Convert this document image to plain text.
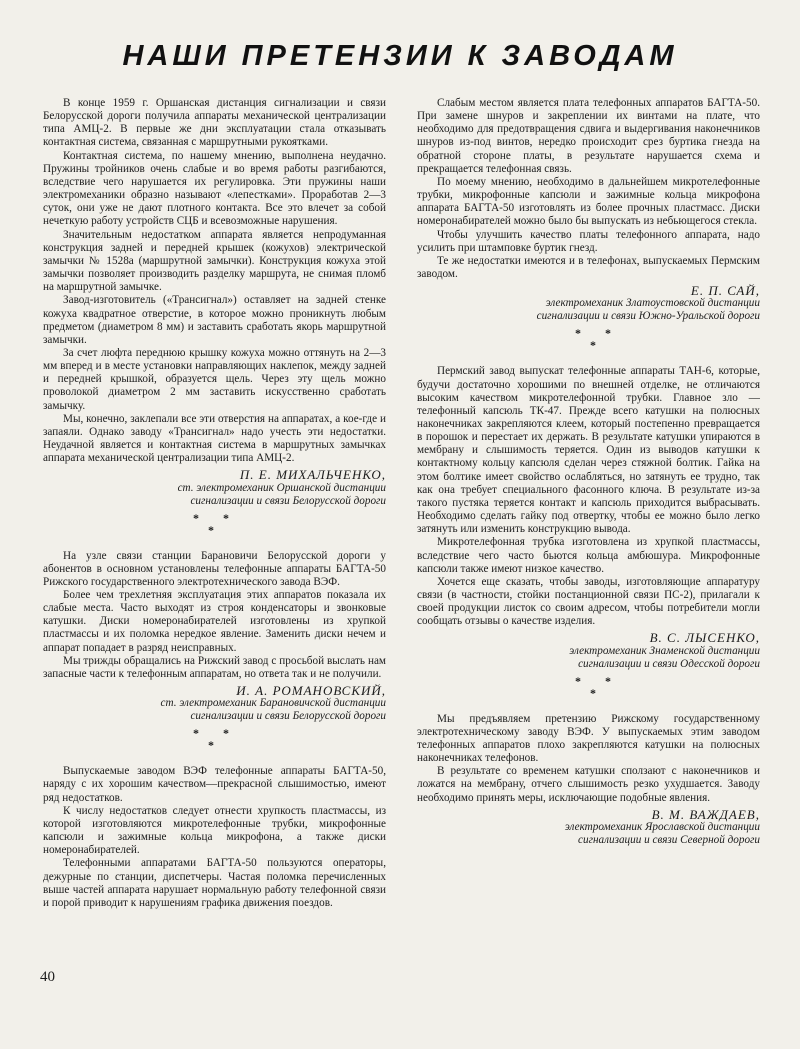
НАШИ ПРЕТЕНЗИИ К ЗАВОДАМ

В конце 1959 г. Оршанская дистанция сигнализации и связи Белорусской дороги получила аппараты механической централизации типа АМЦ-2. В первые же дни эксплуатации стала отказывать контактная система, связанная с маршрутными рукоятками.

Контактная система, по нашему мнению, выполнена неудачно. Пружины тройников очень слабые и во время работы разгибаются, вследствие чего нарушается их регулировка. Эти пружины наши электромеханики образно называют «лепестками». Проработав 2—3 суток, они уже не дают плотного контакта. Все это влечет за собой нечеткую работу устройств СЦБ и всевозможные нарушения.

Значительным недостатком аппарата является непродуманная конструкция задней и передней крышек (кожухов) электрической замычки № 1528а (маршрутной замычки). Конструкция кожуха этой замычки позволяет производить разделку маршрута, не снимая пломб на маршрутной замычке.

Завод-изготовитель («Трансигнал») оставляет на задней стенке кожуха квадратное отверстие, в которое можно проникнуть любым предметом (диаметром 8 мм) и заставить сработать якорь маршрутной замычки.

За счет люфта переднюю крышку кожуха можно оттянуть на 2—3 мм вперед и в месте установки направляющих наклепок, между задней и передней крышкой, образуется щель. Через эту щель можно проволокой диаметром 2 мм заставить искусственно сработать замычку.

Мы, конечно, заклепали все эти отверстия на аппаратах, а кое-где и запаяли. Однако заводу «Трансигнал» надо учесть эти недостатки. Неудачной является и контактная система в маршрутных замычках аппарата механической централизации типа АМЦ-2.

П. Е. МИХАЛЬЧЕНКО,
ст. электромеханик Оршанской дистанции
сигнализации и связи Белорусской дороги
* *
*

На узле связи станции Барановичи Белорусской дороги у абонентов в основном установлены телефонные аппараты БАГТА-50 Рижского государственного электротехнического завода ВЭФ.

Более чем трехлетняя эксплуатация этих аппаратов показала их слабые места. Часто выходят из строя конденсаторы и звонковые катушки. Диски номеронабирателей изготовлены из хрупкой пластмассы и их поломка нередкое явление. Заменить диски нечем и аппарат попадает в разряд неисправных.

Мы трижды обращались на Рижский завод с просьбой выслать нам запасные части к телефонным аппаратам, но ответа так и не получили.

И. А. РОМАНОВСКИЙ,
ст. электромеханик Барановичской дистанции
сигнализации и связи Белорусской дороги
* *
*

Выпускаемые заводом ВЭФ телефонные аппараты БАГТА-50, наряду с их хорошим качеством—прекрасной слышимостью, имеют ряд недостатков.

К числу недостатков следует отнести хрупкость пластмассы, из которой изготовляются микротелефонные трубки, микрофонные капсюли и зажимные кольца микрофона, а также диски номеронабирателей.

Телефонными аппаратами БАГТА-50 пользуются операторы, дежурные по станции, диспетчеры. Частая поломка перечисленных выше частей аппарата нарушает нормальную работу телефонной связи и порой приводит к нарушениям графика движения поездов.

Слабым местом является плата телефонных аппаратов БАГТА-50. При замене шнуров и закреплении их винтами на плате, что необходимо для предотвращения сдвига и выдергивания наконечников шнуров из-под винтов, нередко происходит срез буртика гнезда на обратной стороне платы, в результате нарушается схема и прекращается телефонная связь.

По моему мнению, необходимо в дальнейшем микротелефонные трубки, микрофонные капсюли и зажимные кольца микрофона аппарата БАГТА-50 изготовлять из более прочных пластмасс. Диски номеронабирателей можно было бы выпускать из небьющегося стекла.

Чтобы улучшить качество платы телефонного аппарата, надо усилить при штамповке буртик гнезд.

Те же недостатки имеются и в телефонах, выпускаемых Пермским заводом.

Е. П. САЙ,
электромеханик Златоустовской дистанции
сигнализации и связи Южно-Уральской дороги
* *
*

Пермский завод выпускат телефонные аппараты ТАН-6, которые, будучи достаточно хорошими по внешней отделке, не отличаются высоким качеством микротелефонной трубки. Главное зло — телефонный капсюль ТК-47. Прежде всего катушки на полюсных наконечниках закрепляются клеем, который постепенно превращается в порошок и перестает их держать. В результате катушки упираются в мембрану и слышимость теряется. Один из выводов катушки к контактному кольцу капсюля сделан через стяжной болтик. Гайка на этом болтике имеет свойство ослабляться, но затянуть ее трудно, так как она требует специального фасонного ключа. В результате из-за такого пустяка теряется контакт и капсюль приходится выбрасывать. Необходимо сделать гайку под отвертку, чтобы ее можно было легко затянуть или изменить конструкцию вывода.

Микротелефонная трубка изготовлена из хрупкой пластмассы, вследствие чего часто бьются кольца амбюшура. Микрофонные капсюли также имеют низкое качество.

Хочется еще сказать, чтобы заводы, изготовляющие аппаратуру связи (в частности, стойки постанционной связи ПС-2), прилагали к своей продукции листок со своим адресом, чтобы потребители могли сообщать отзывы о качестве изделия.

В. С. ЛЫСЕНКО,
электромеханик Знаменской дистанции
сигнализации и связи Одесской дороги
* *
*

Мы предъявляем претензию Рижскому государственному электротехническому заводу ВЭФ. У выпускаемых этим заводом телефонных аппаратов плохо закрепляются катушки на полюсных наконечниках телефонов.

В результате со временем катушки сползают с наконечников и ложатся на мембрану, отчего слышимость резко ухудшается. Заводу необходимо принять меры, исключающие подобные явления.

В. М. ВАЖДАЕВ,
электромеханик Ярославской дистанции
сигнализации и связи Северной дороги
40
